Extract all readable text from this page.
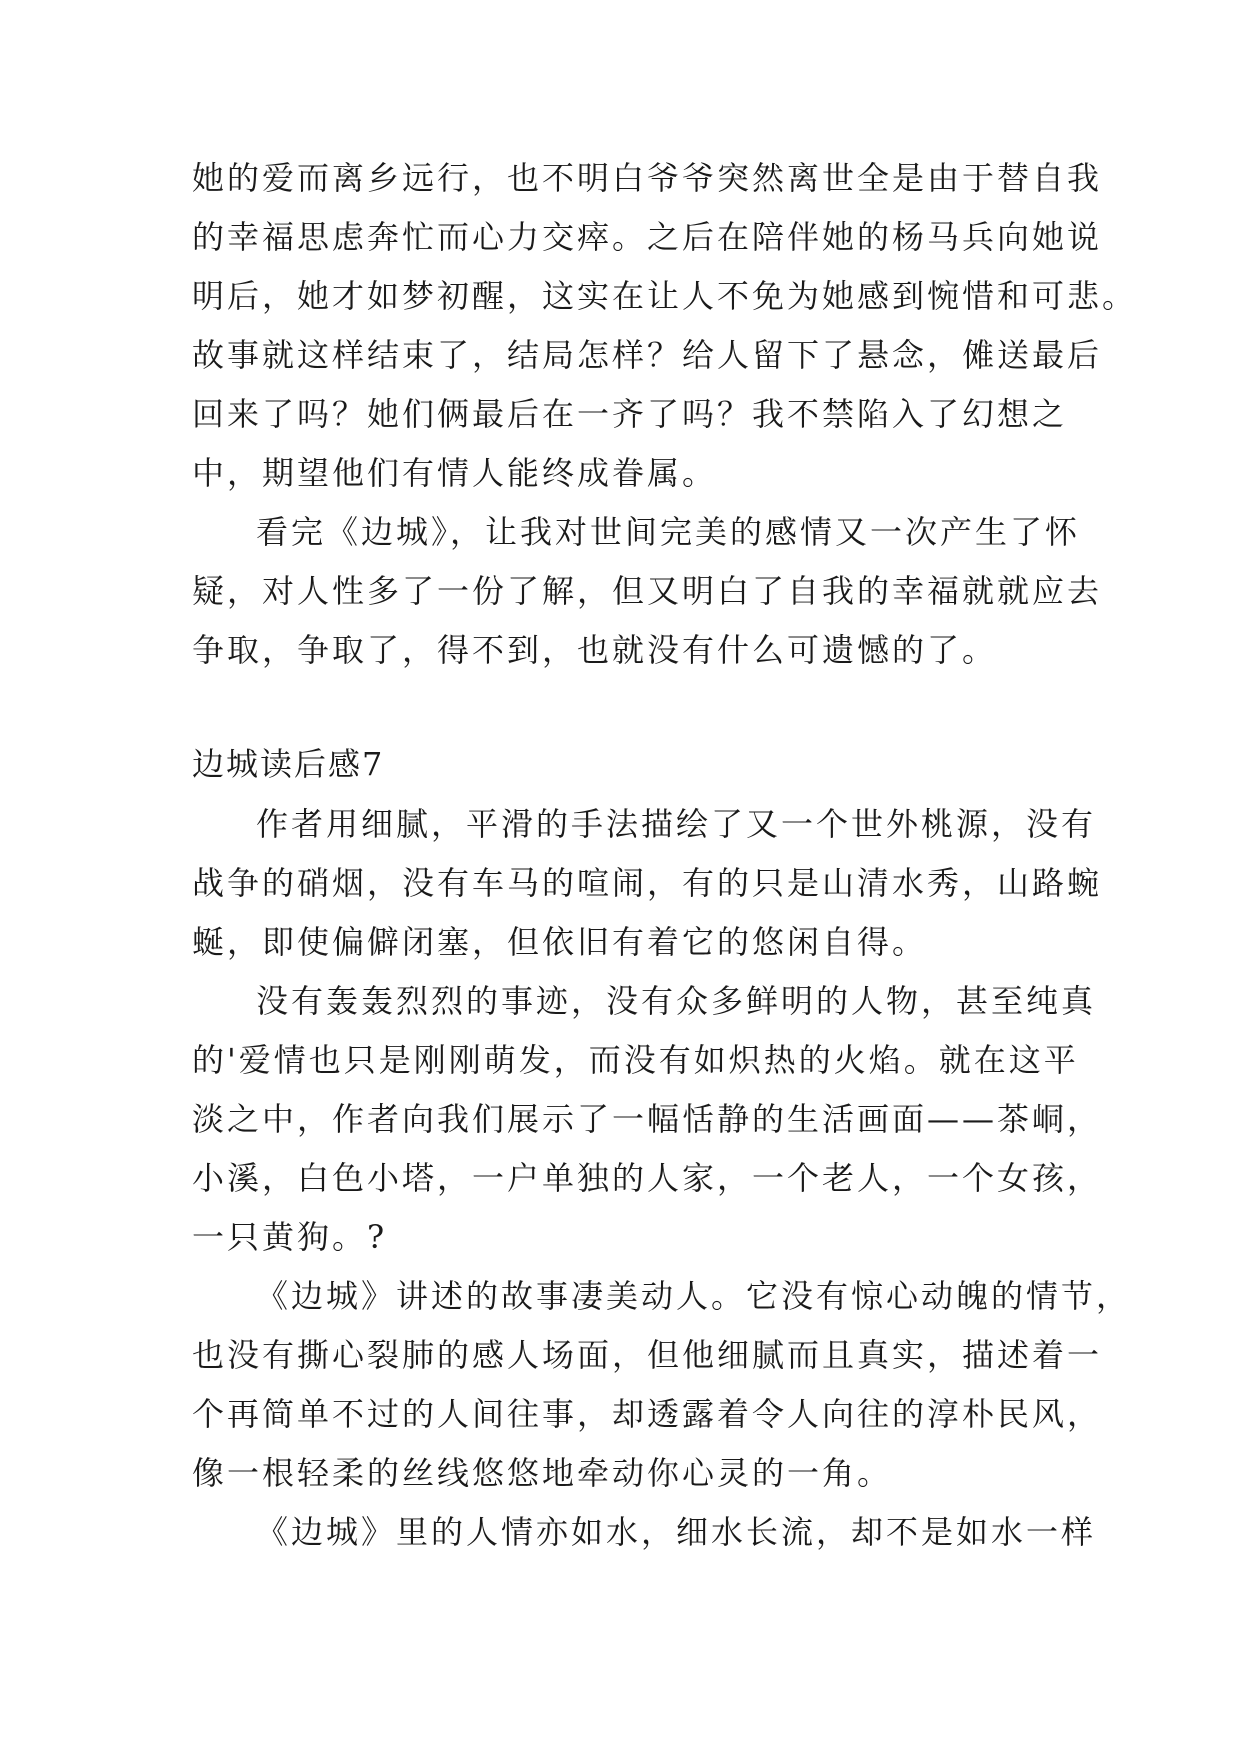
她的爱而离乡远行，也不明白爷爷突然离世全是由于替自我
的幸福思虑奔忙而心力交瘁。之后在陪伴她的杨马兵向她说
明后，她才如梦初醒，这实在让人不免为她感到惋惜和可悲。
故事就这样结束了，结局怎样？给人留下了悬念，傩送最后
回来了吗？她们俩最后在一齐了吗？我不禁陷入了幻想之
中，期望他们有情人能终成眷属。
看完《边城》，让我对世间完美的感情又一次产生了怀
疑，对人性多了一份了解，但又明白了自我的幸福就就应去
争取，争取了，得不到，也就没有什么可遗憾的了。
边城读后感7
作者用细腻，平滑的手法描绘了又一个世外桃源，没有
战争的硝烟，没有车马的喧闹，有的只是山清水秀，山路蜿
蜒，即使偏僻闭塞，但依旧有着它的悠闲自得。
没有轰轰烈烈的事迹，没有众多鲜明的人物，甚至纯真
的'爱情也只是刚刚萌发，而没有如炽热的火焰。就在这平
淡之中，作者向我们展示了一幅恬静的生活画面——茶峒，
小溪，白色小塔，一户单独的人家，一个老人，一个女孩，
一只黄狗。?
《边城》讲述的故事凄美动人。它没有惊心动魄的情节，
也没有撕心裂肺的感人场面，但他细腻而且真实，描述着一
个再简单不过的人间往事，却透露着令人向往的淳朴民风，
像一根轻柔的丝线悠悠地牵动你心灵的一角。
《边城》里的人情亦如水，细水长流，却不是如水一样
